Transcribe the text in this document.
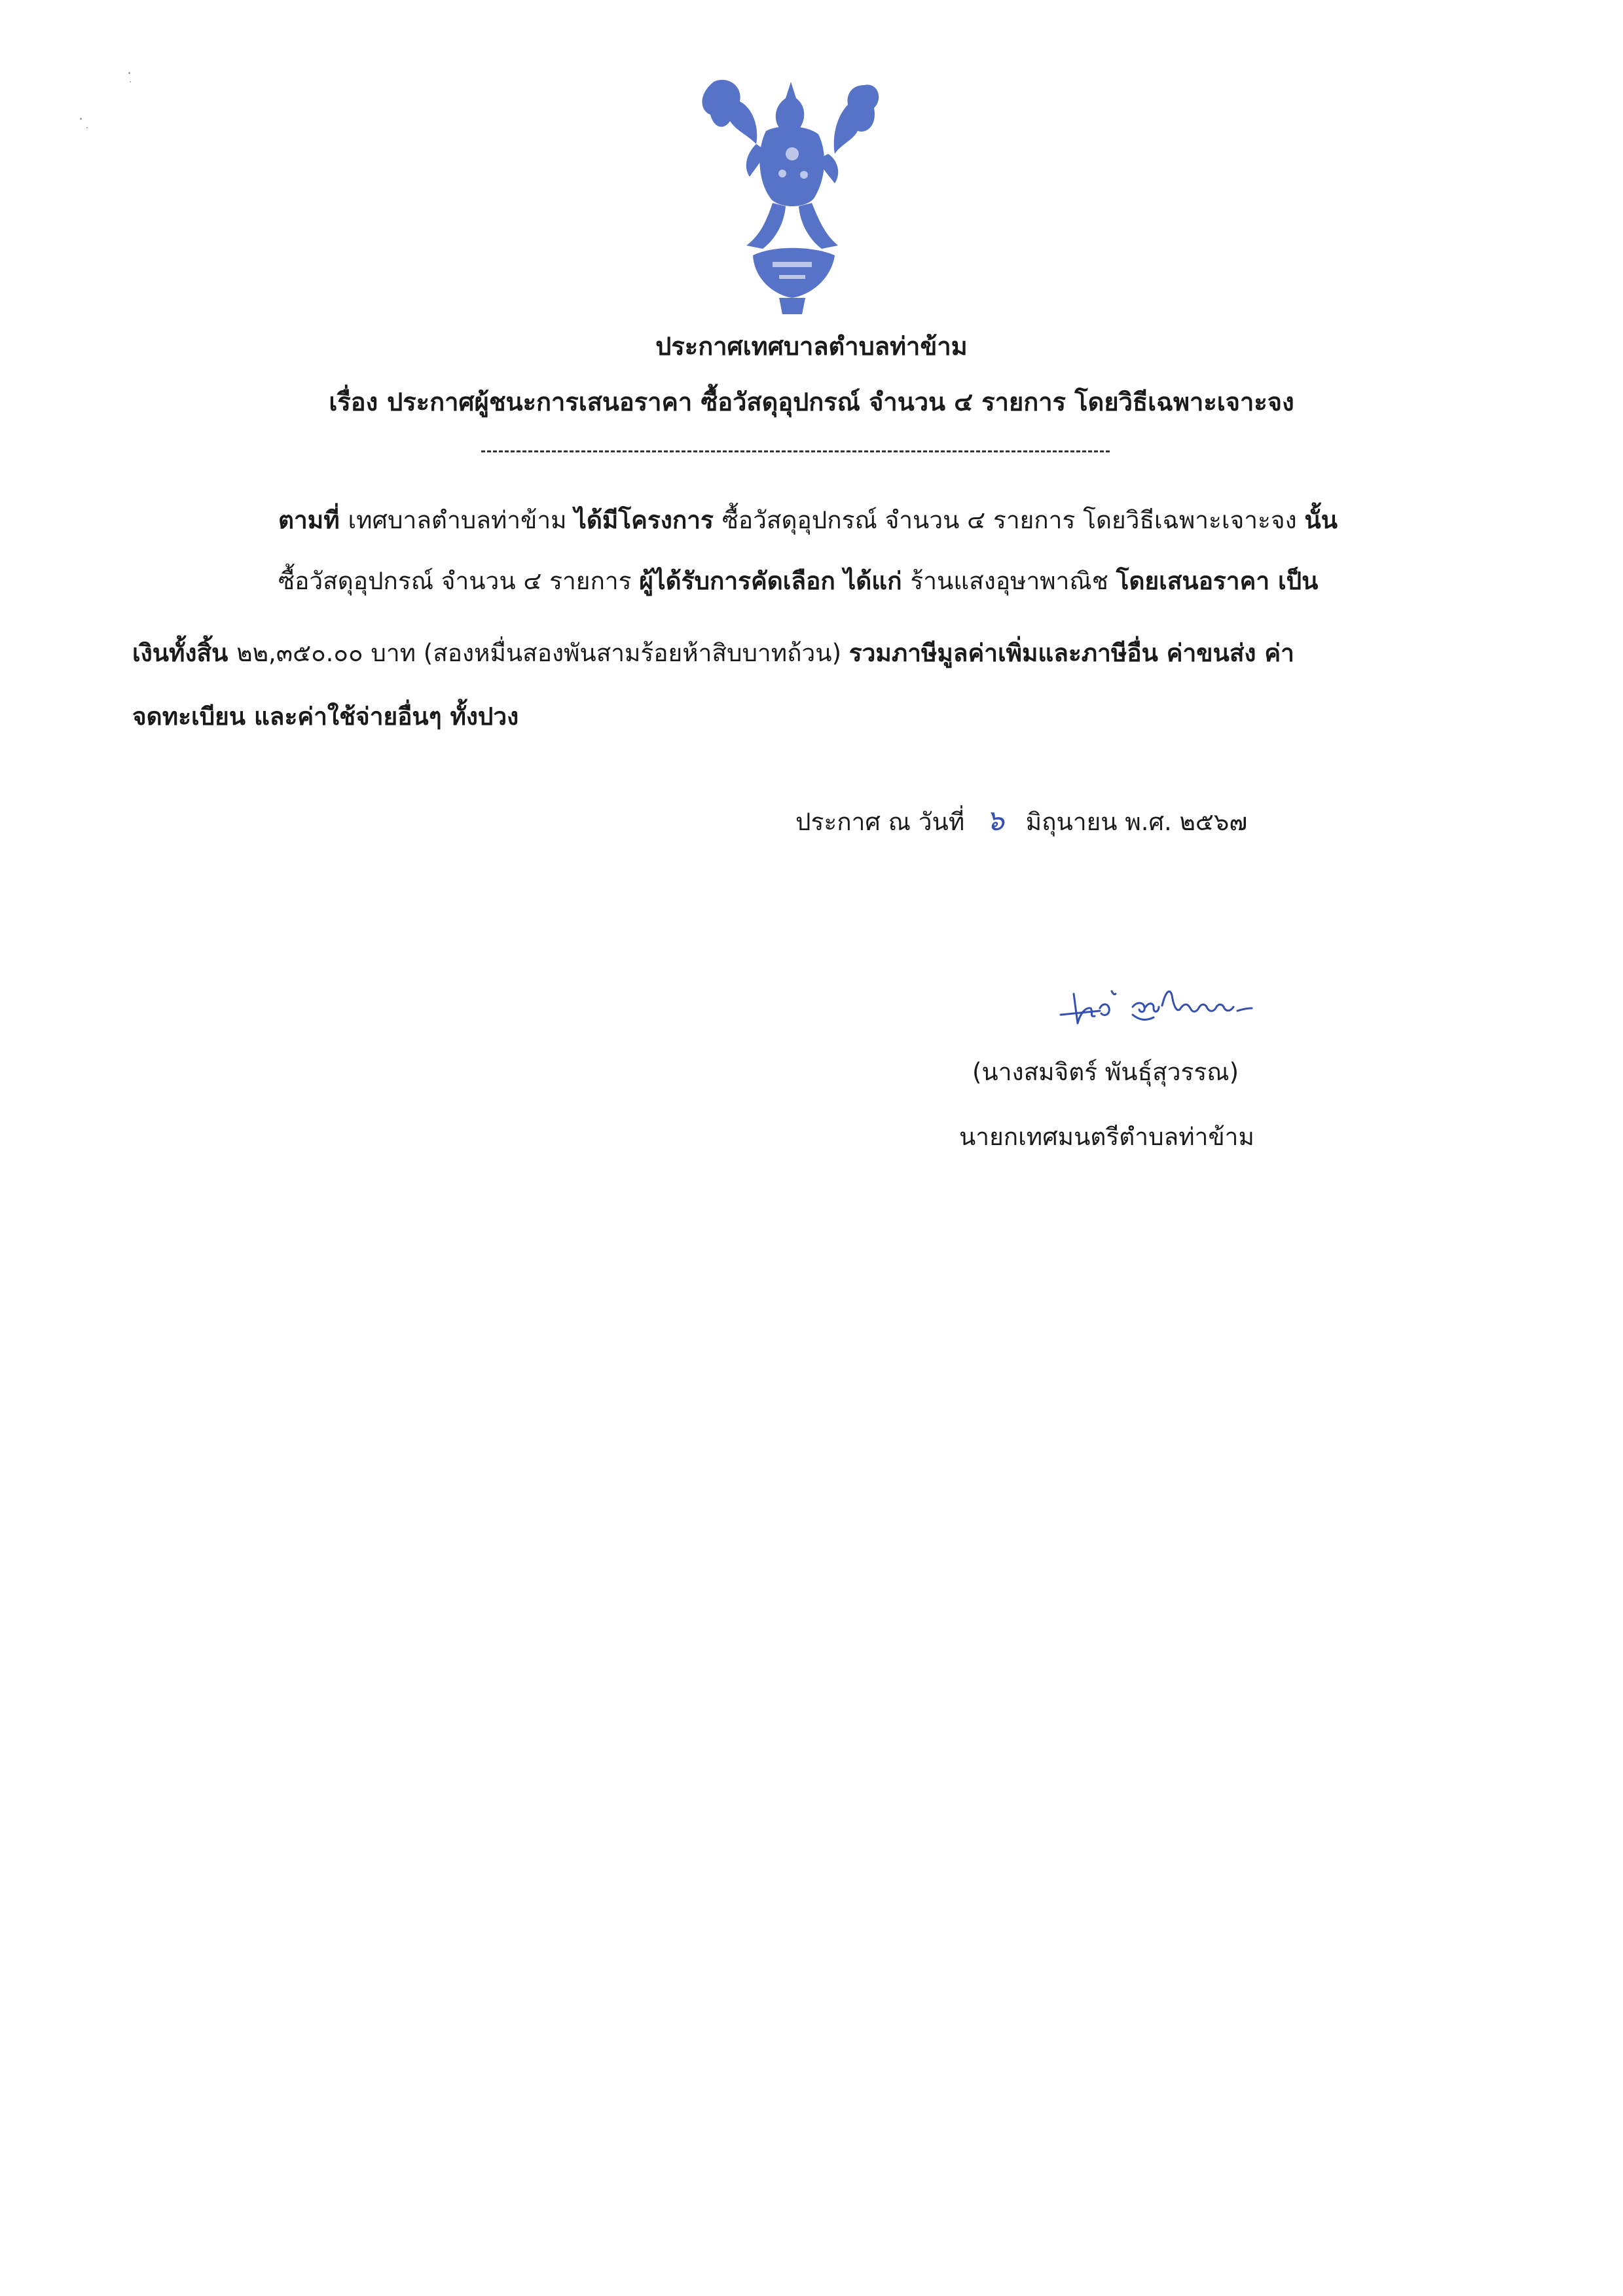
ประกาศเทศบาลตำบลท่าข้าม
เรื่อง ประกาศผู้ชนะการเสนอราคา ซื้อวัสดุอุปกรณ์ จำนวน ๔ รายการ โดยวิธีเฉพาะเจาะจง
ตามที่ เทศบาลตำบลท่าข้าม ได้มีโครงการ ซื้อวัสดุอุปกรณ์ จำนวน ๔ รายการ โดยวิธีเฉพาะเจาะจง นั้น
ซื้อวัสดุอุปกรณ์ จำนวน ๔ รายการ ผู้ได้รับการคัดเลือก ได้แก่ ร้านแสงอุษาพาณิช โดยเสนอราคา เป็น
เงินทั้งสิ้น ๒๒,๓๕๐.๐๐ บาท (สองหมื่นสองพันสามร้อยห้าสิบบาทถ้วน) รวมภาษีมูลค่าเพิ่มและภาษีอื่น ค่าขนส่ง ค่า
จดทะเบียน และค่าใช้จ่ายอื่นๆ ทั้งปวง
ประกาศ ณ วันที่ ๖ มิถุนายน พ.ศ. ๒๕๖๗
(นางสมจิตร์ พันธุ์สุวรรณ)
นายกเทศมนตรีตำบลท่าข้าม
